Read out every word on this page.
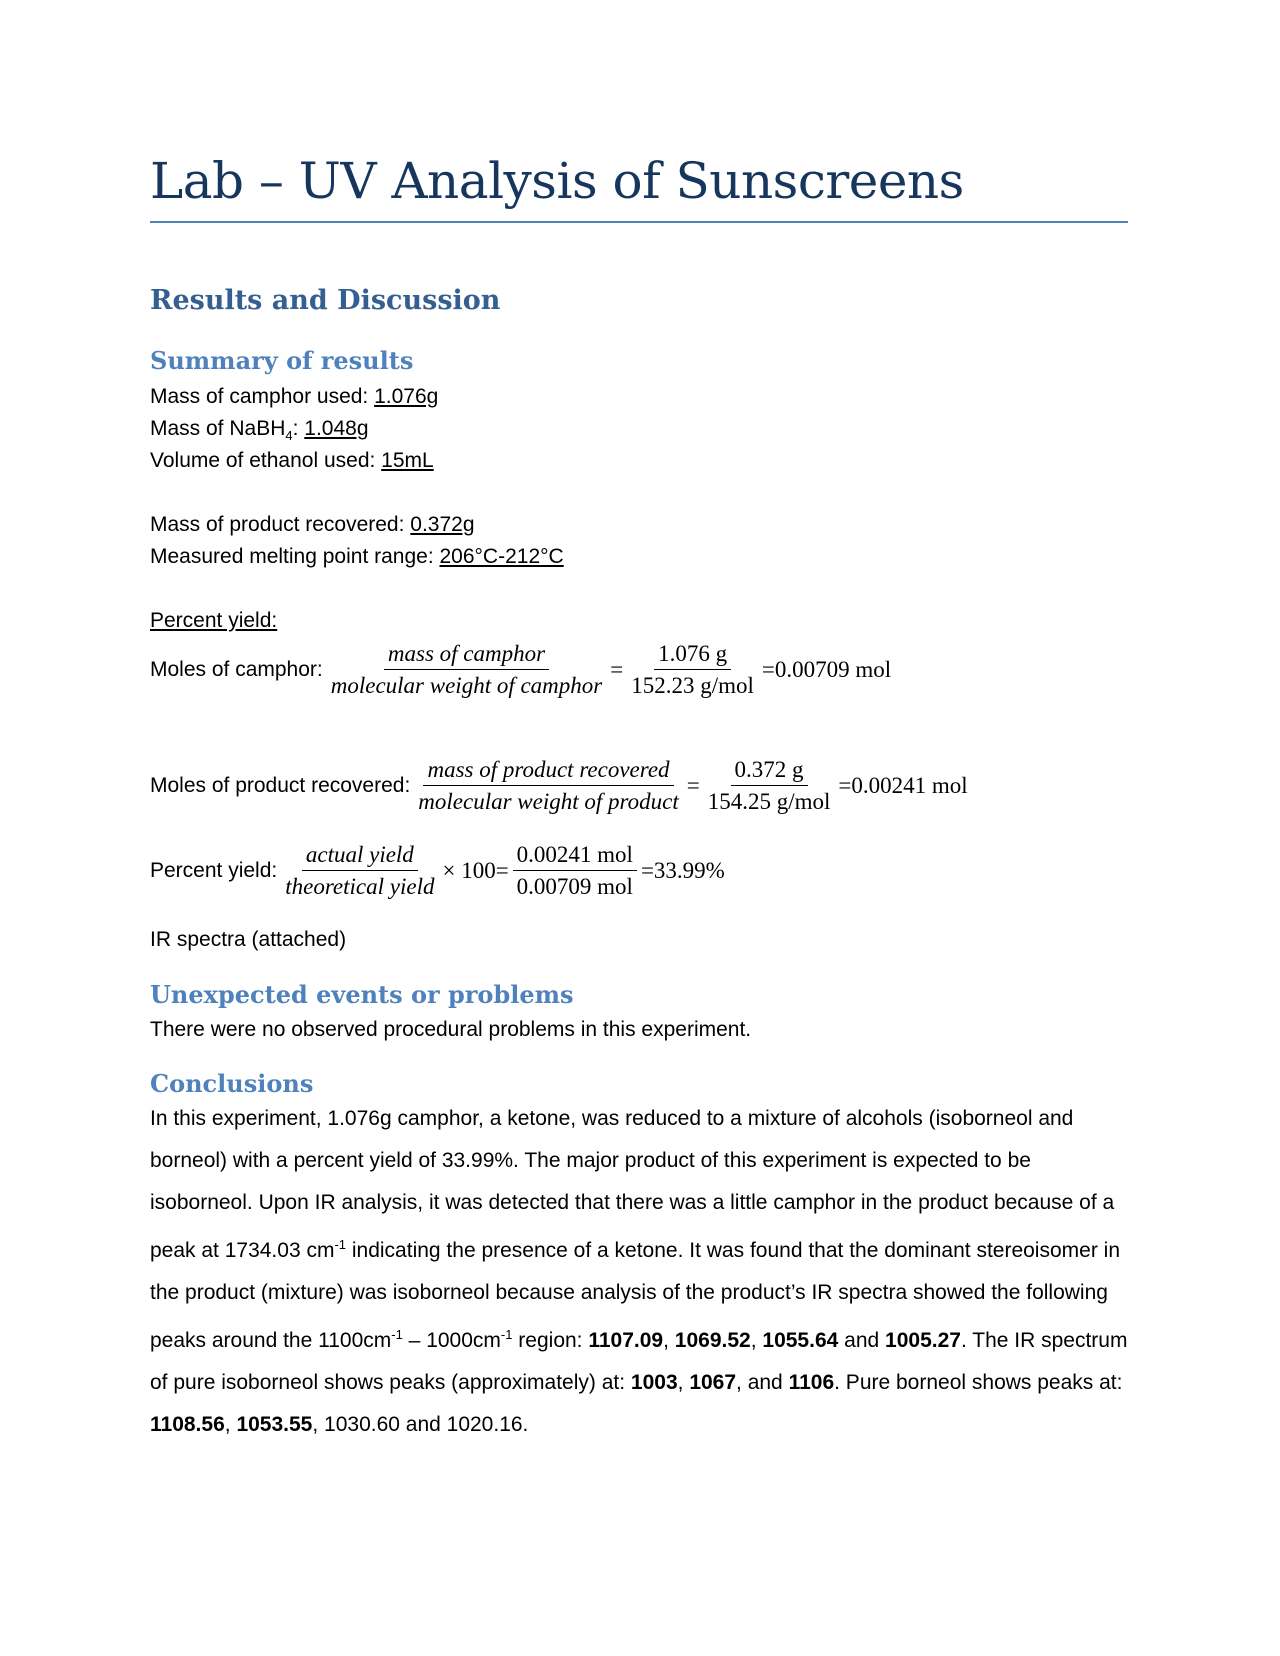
Lab – UV Analysis of Sunscreens
Results and Discussion
Summary of results
Mass of camphor used: 1.076g
Mass of NaBH$_4$: 1.048g
Volume of ethanol used: 15mL
Mass of product recovered: 0.372g
Measured melting point range: 206°C-212°C
Percent yield:
Moles of camphor: $\frac{\text{mass of camphor}}{\text{molecular weight of camphor}} = \frac{1.076 g}{\text{152.23 g/mol}} =0.00709$ mol
Moles of product recovered: $\frac{\text{mass of product recovered}}{\text{molecular weight of product}} = \frac{0.372 g}{\text{154.25 g/mol}} =0.00241$ mol
Percent yield: $\frac{\text{actual yield}}{\text{theoretical yield}} \times 100= \frac{\text{0.00241 mol}}{\text{0.00709 mol}} =33.99\%$
IR spectra (attached)
Unexpected events or problems
There were no observed procedural problems in this experiment.
Conclusions
In this experiment, 1.076g camphor, a ketone, was reduced to a mixture of alcohols (isoborneol and borneol) with a percent yield of 33.99%. The major product of this experiment is expected to be isoborneol. Upon IR analysis, it was detected that there was a little camphor in the product because of a peak at 1734.03 $cm^{-1}$ indicating the presence of a ketone. It was found that the dominant stereoisomer in the product (mixture) was isoborneol because analysis of the product’s IR spectra showed the following peaks around the $1100cm^{-1} - 1000cm^{-1}$ region: 1107.09, 1069.52, 1055.64 and 1005.27. The IR spectrum of pure isoborneol shows peaks (approximately) at: 1003, 1067, and 1106. Pure borneol shows peaks at: 1108.56, 1053.55, 1030.60 and 1020.16.
